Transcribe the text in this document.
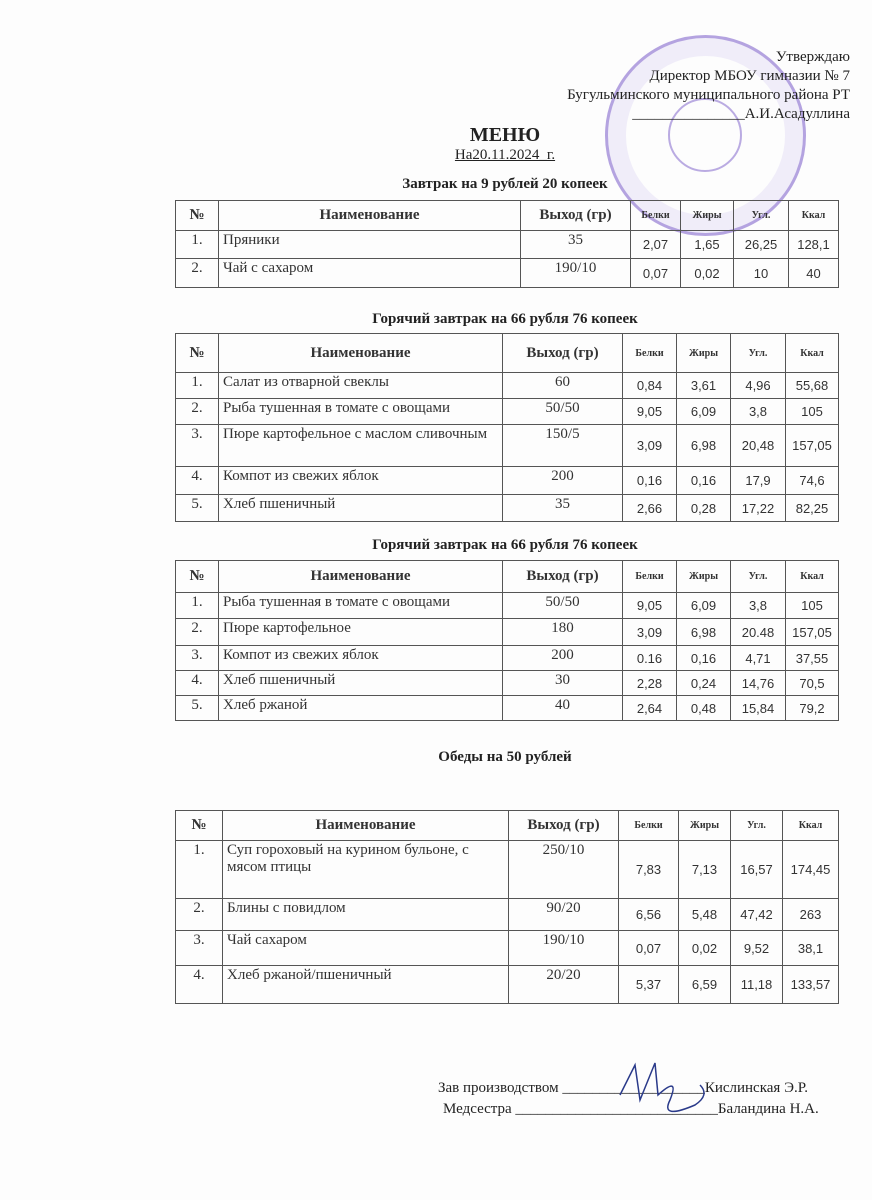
Утверждаю
Директор МБОУ гимназии № 7
Бугульминского муниципального района РТ
_______________А.И.Асадуллина
МЕНЮ
На20.11.2024_г.
Завтрак на 9 рублей 20 копеек
№	Наименование	Выход (гр)	Белки	Жиры	Угл.	Ккал
1.	Пряники	35	2,07	1,65	26,25	128,1
2.	Чай с сахаром	190/10	0,07	0,02	10	40
Горячий завтрак на 66 рубля 76 копеек
№	Наименование	Выход (гр)	Белки	Жиры	Угл.	Ккал
1.	Салат из отварной свеклы	60	0,84	3,61	4,96	55,68
2.	Рыба тушенная в томате с овощами	50/50	9,05	6,09	3,8	105
3.	Пюре картофельное с маслом сливочным	150/5	3,09	6,98	20,48	157,05
4.	Компот из свежих яблок	200	0,16	0,16	17,9	74,6
5.	Хлеб пшеничный	35	2,66	0,28	17,22	82,25
Горячий завтрак на 66 рубля 76 копеек
№	Наименование	Выход (гр)	Белки	Жиры	Угл.	Ккал
1.	Рыба тушенная в томате с овощами	50/50	9,05	6,09	3,8	105
2.	Пюре картофельное	180	3,09	6,98	20.48	157,05
3.	Компот из свежих яблок	200	0.16	0,16	4,71	37,55
4.	Хлеб пшеничный	30	2,28	0,24	14,76	70,5
5.	Хлеб ржаной	40	2,64	0,48	15,84	79,2
Обеды на 50 рублей
№	Наименование	Выход (гр)	Белки	Жиры	Угл.	Ккал
1.	Суп гороховый на курином бульоне, с мясом птицы	250/10	7,83	7,13	16,57	174,45
2.	Блины с повидлом	90/20	6,56	5,48	47,42	263
3.	Чай сахаром	190/10	0,07	0,02	9,52	38,1
4.	Хлеб ржаной/пшеничный	20/20	5,37	6,59	11,18	133,57
Зав производством ___________________Кислинская Э.Р.
Медсестра ___________________________Баландина Н.А.
